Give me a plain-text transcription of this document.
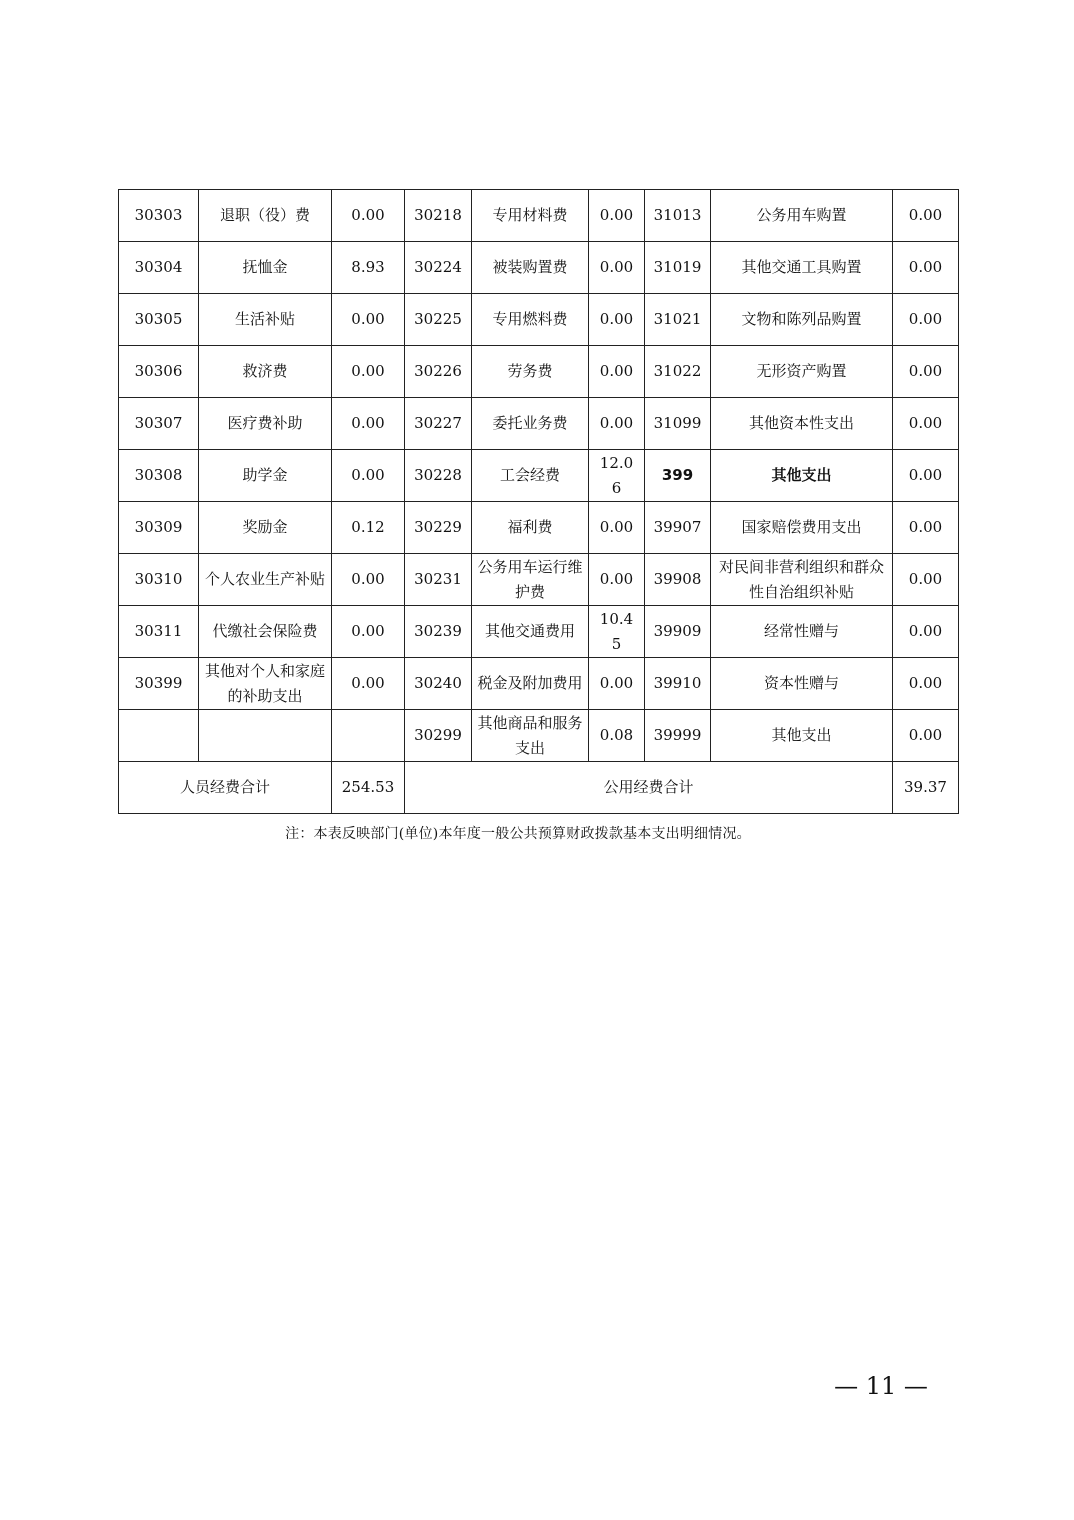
30303	退职（役）费	0.00	30218	专用材料费	0.00	31013	公务用车购置	0.00
30304	抚恤金	8.93	30224	被装购置费	0.00	31019	其他交通工具购置	0.00
30305	生活补贴	0.00	30225	专用燃料费	0.00	31021	文物和陈列品购置	0.00
30306	救济费	0.00	30226	劳务费	0.00	31022	无形资产购置	0.00
30307	医疗费补助	0.00	30227	委托业务费	0.00	31099	其他资本性支出	0.00
30308	助学金	0.00	30228	工会经费	12.06	399	其他支出	0.00
30309	奖励金	0.12	30229	福利费	0.00	39907	国家赔偿费用支出	0.00
30310	个人农业生产补贴	0.00	30231	公务用车运行维护费	0.00	39908	对民间非营利组织和群众性自治组织补贴	0.00
30311	代缴社会保险费	0.00	30239	其他交通费用	10.45	39909	经常性赠与	0.00
30399	其他对个人和家庭的补助支出	0.00	30240	税金及附加费用	0.00	39910	资本性赠与	0.00
			30299	其他商品和服务支出	0.08	39999	其他支出	0.00
人员经费合计		254.53	公用经费合计					39.37
注：本表反映部门(单位)本年度一般公共预算财政拨款基本支出明细情况。
— 11 —
